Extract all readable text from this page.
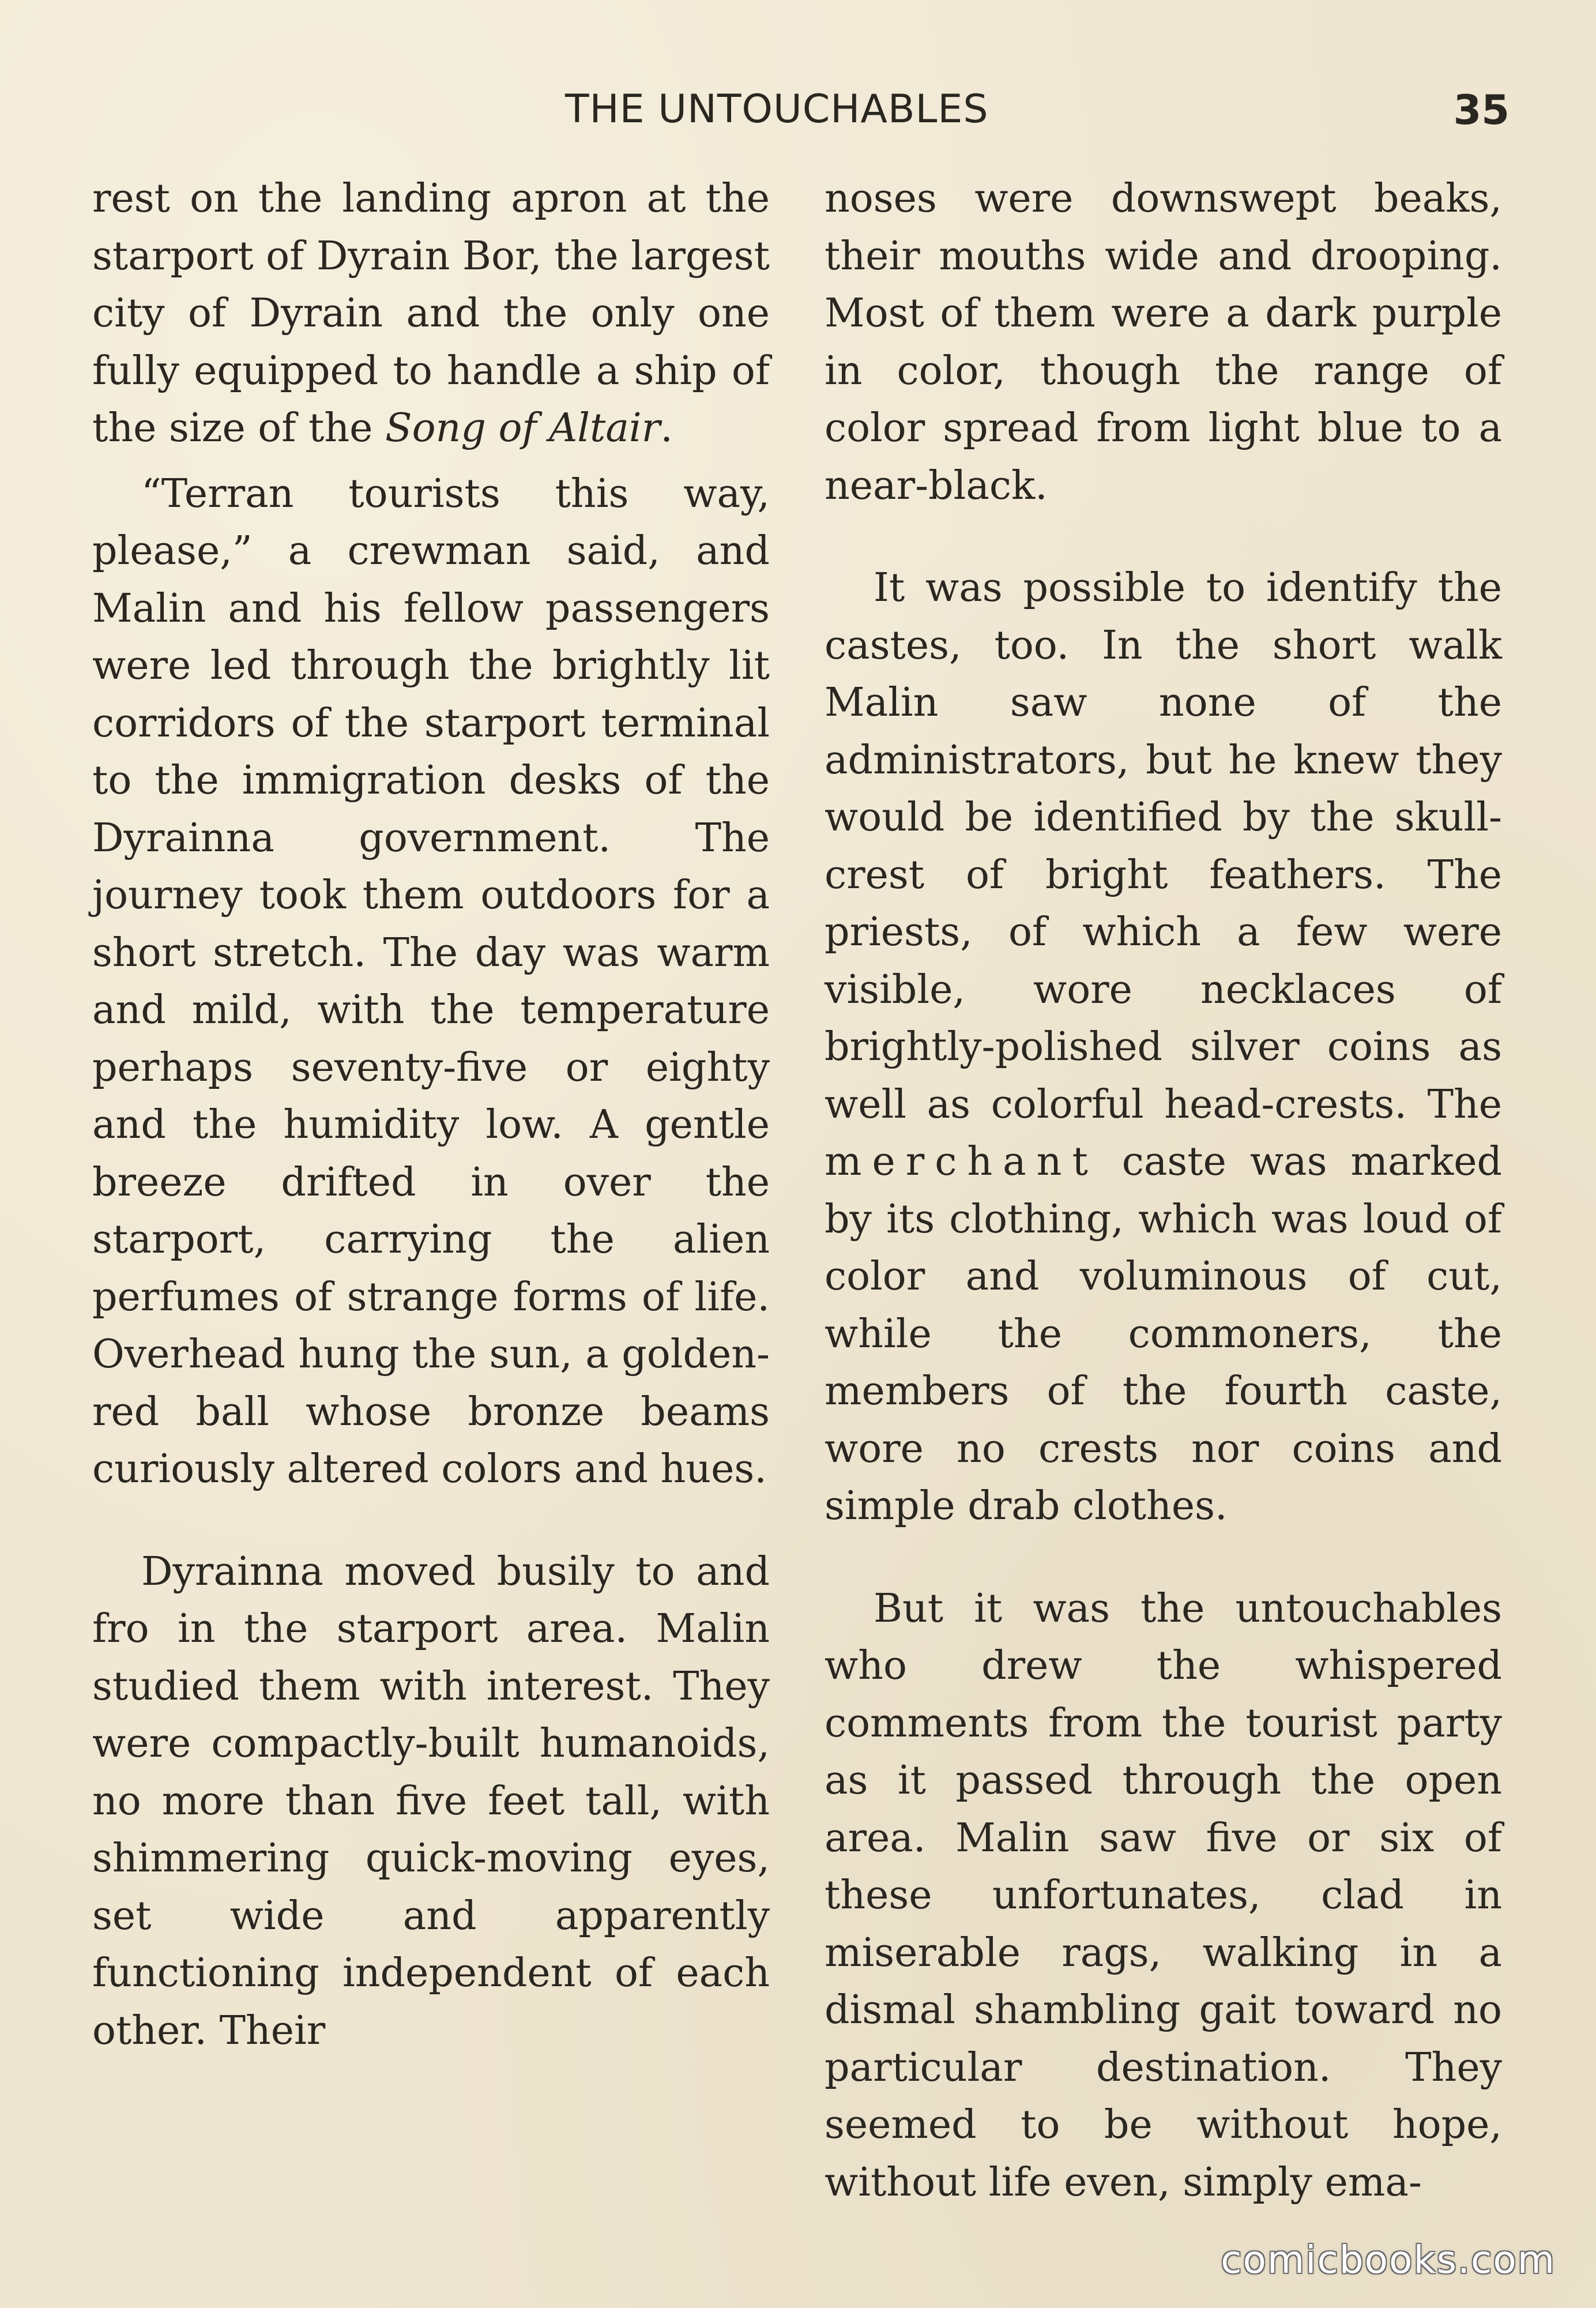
THE UNTOUCHABLES	35

rest on the landing apron at the starport of Dyrain Bor, the largest city of Dyrain and the only one fully equipped to handle a ship of the size of the Song of Altair.

“Terran tourists this way, please,” a crewman said, and Malin and his fellow passengers were led through the brightly lit corridors of the starport terminal to the immigration desks of the Dyrainna government. The journey took them outdoors for a short stretch. The day was warm and mild, with the temperature perhaps seventy-five or eighty and the humidity low. A gentle breeze drifted in over the starport, carrying the alien perfumes of strange forms of life. Overhead hung the sun, a golden-red ball whose bronze beams curiously altered colors and hues.

Dyrainna moved busily to and fro in the starport area. Malin studied them with interest. They were compactly-built humanoids, no more than five feet tall, with shimmering quick-moving eyes, set wide and apparently functioning independent of each other. Their

noses were downswept beaks, their mouths wide and drooping. Most of them were a dark purple in color, though the range of color spread from light blue to a near-black.

It was possible to identify the castes, too. In the short walk Malin saw none of the administrators, but he knew they would be identified by the skull-crest of bright feathers. The priests, of which a few were visible, wore necklaces of brightly-polished silver coins as well as colorful head-crests. The merchant caste was marked by its clothing, which was loud of color and voluminous of cut, while the commoners, the members of the fourth caste, wore no crests nor coins and simple drab clothes.

But it was the untouchables who drew the whispered comments from the tourist party as it passed through the open area. Malin saw five or six of these unfortunates, clad in miserable rags, walking in a dismal shambling gait toward no particular destination. They seemed to be without hope, without life even, simply ema-

comicbooks.com
